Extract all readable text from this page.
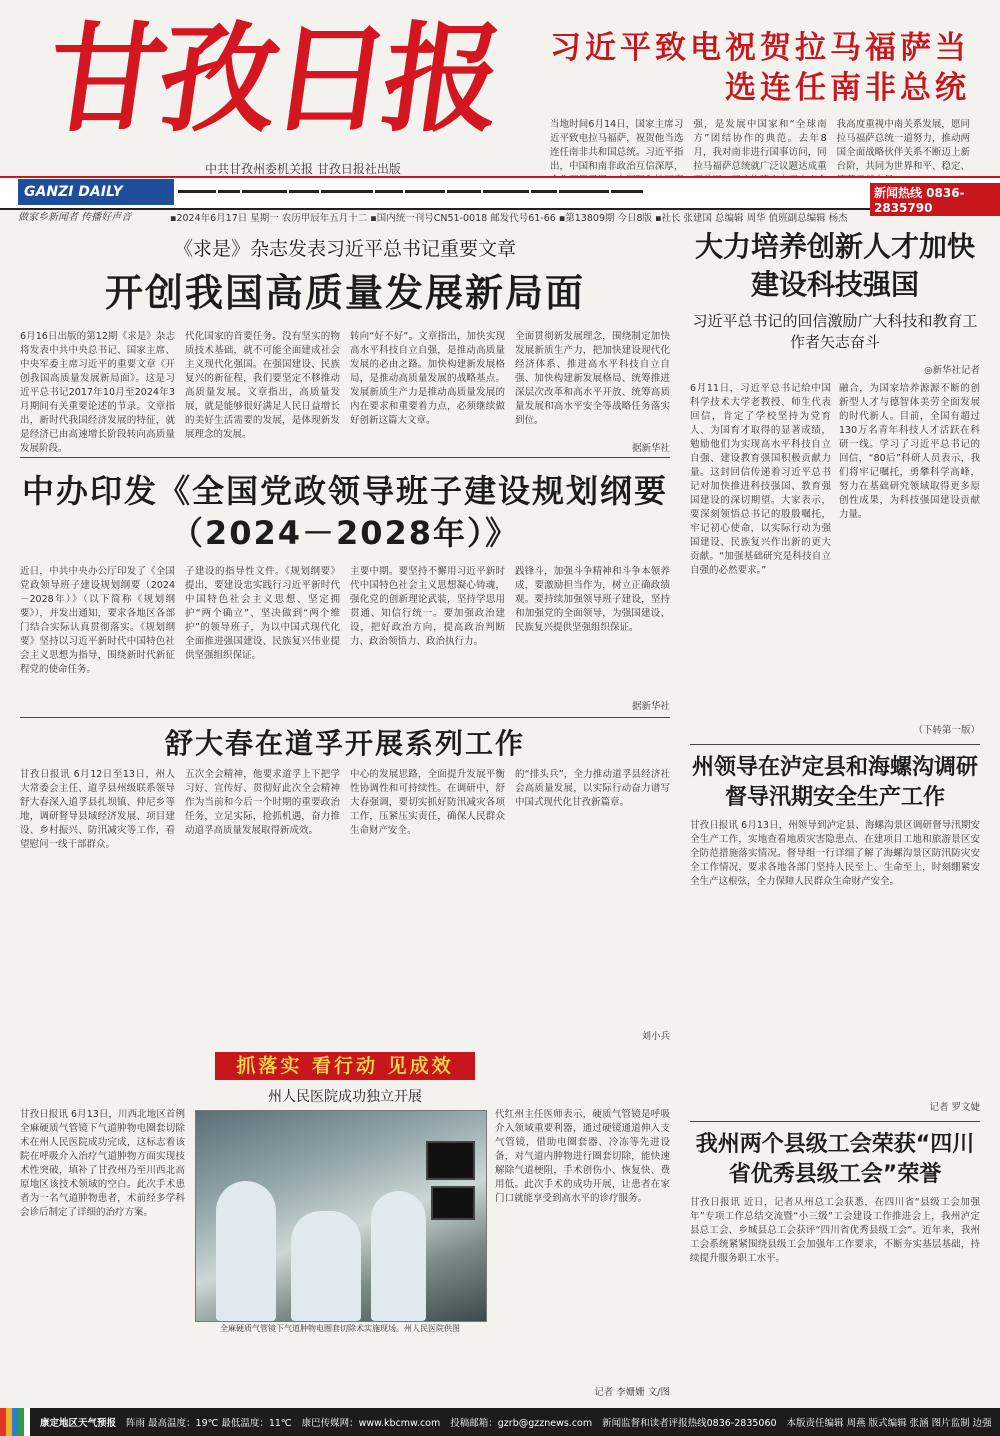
甘孜日报
中共甘孜州委机关报 甘孜日报社出版
习近平致电祝贺拉马福萨当选连任南非总统

当地时间6月14日，国家主席习近平致电拉马福萨，祝贺他当选连任南非共和国总统。习近平指出，中国和南非政治互信深厚，

强，是发展中国家和“全球南方”团结协作的典范。去年8月，我对南非进行国事访问，同拉马福萨总统就广泛议题达成重

我高度重视中南关系发展，愿同拉马福萨总统一道努力，推动两国全面战略伙伴关系不断迈上新台阶，共同为世界和平、稳定、

GANZI DAILY	新闻热线 0836-2835790
做家乡新闻者 传播好声音	▪2024年6月17日 星期一 农历甲辰年五月十二 ▪国内统一刊号CN51-0018 邮发代号61-66 ▪第13809期 今日8版 ▪社长 张建国 总编辑 周华 值班副总编辑 杨杰
《求是》杂志发表习近平总书记重要文章
开创我国高质量发展新局面

6月16日出版的第12期《求是》杂志将发表中共中央总书记、国家主席、中央军委主席习近平的重要文章《开创我国高质量发展新局面》。这是习近平总书记2017年10月至2024年3月期间有关重要论述的节录。文章指出，新时代我国经济发展的特征，就是经济已由高速增长阶段转向高质量发展阶段。

代化国家的首要任务。没有坚实的物质技术基础，就不可能全面建成社会主义现代化强国。在强国建设、民族复兴的新征程，我们要坚定不移推动高质量发展。文章指出，高质量发展，就是能够很好满足人民日益增长的美好生活需要的发展，是体现新发展理念的发展。

转向“好不好”。文章指出，加快实现高水平科技自立自强，是推动高质量发展的必由之路。加快构建新发展格局，是推动高质量发展的战略基点。发展新质生产力是推动高质量发展的内在要求和重要着力点，必须继续做好创新这篇大文章。

全面贯彻新发展理念，围绕制定加快发展新质生产力，把加快建设现代化经济体系、推进高水平科技自立自强、加快构建新发展格局、统筹推进深层次改革和高水平开放、统筹高质量发展和高水平安全等战略任务落实到位。

据新华社
中办印发《全国党政领导班子建设规划纲要（2024－2028年）》

近日，中共中央办公厅印发了《全国党政领导班子建设规划纲要（2024－2028年）》（以下简称《规划纲要》），并发出通知，要求各地区各部门结合实际认真贯彻落实。《规划纲要》坚持以习近平新时代中国特色社会主义思想为指导，围绕新时代新征程党的使命任务。

子建设的指导性文件。《规划纲要》提出，要建设忠实践行习近平新时代中国特色社会主义思想、坚定拥护“两个确立”、坚决做到“两个维护”的领导班子，为以中国式现代化全面推进强国建设、民族复兴伟业提供坚强组织保证。

主要中期。要坚持不懈用习近平新时代中国特色社会主义思想凝心铸魂，强化党的创新理论武装，坚持学思用贯通、知信行统一。要加强政治建设，把好政治方向，提高政治判断力、政治领悟力、政治执行力。

践锋斗，加强斗争精神和斗争本领养成，要激励担当作为，树立正确政绩观。要持续加强领导班子建设，坚持和加强党的全面领导，为强国建设、民族复兴提供坚强组织保证。

据新华社
舒大春在道孚开展系列工作

甘孜日报讯 6月12日至13日，州人大常委会主任、道孚县州级联系领导舒大春深入道孚县扎坝镇、仲尼乡等地，调研督导县域经济发展、项目建设、乡村振兴、防汛减灾等工作，看望慰问一线干部群众。

五次全会精神，他要求道孚上下把学习好、宣传好、贯彻好此次全会精神作为当前和今后一个时期的重要政治任务，立足实际，抢抓机遇，奋力推动道孚高质量发展取得新成效。

中心的发展思路，全面提升发展平衡性协调性和可持续性。在调研中，舒大春强调，要切实抓好防汛减灾各项工作，压紧压实责任，确保人民群众生命财产安全。

的“排头兵”，全力推动道孚县经济社会高质量发展，以实际行动奋力谱写中国式现代化甘孜新篇章。

刘小兵
抓落实 看行动 见成效
州人民医院成功独立开展
甘孜日报讯 6月13日，川西北地区首例全麻硬质气管镜下气道肿物电圈套切除术在州人民医院成功完成，这标志着该院在呼吸介入治疗气道肿物方面实现技术性突破，填补了甘孜州乃至川西北高原地区该技术领域的空白。此次手术患者为一名气道肿物患者，术前经多学科会诊后制定了详细的治疗方案。
全麻硬质气管镜下气道肿物电圈套切除术实施现场。州人民医院供图
代红州主任医师表示，硬质气管镜是呼吸介入领域重要利器，通过硬镜通道伸入支气管镜，借助电圈套器、冷冻等先进设备，对气道内肿物进行圈套切除，能快速解除气道梗阻，手术创伤小、恢复快、费用低。此次手术的成功开展，让患者在家门口就能享受到高水平的诊疗服务。
记者 李姗姗 文/图
大力培养创新人才加快建设科技强国
习近平总书记的回信激励广大科技和教育工作者矢志奋斗
◎新华社记者
6月11日，习近平总书记给中国科学技术大学老教授、师生代表回信，肯定了学校坚持为党育人、为国育才取得的显著成绩，勉励他们为实现高水平科技自立自强、建设教育强国积极贡献力量。这封回信传递着习近平总书记对加快推进科技强国、教育强国建设的深切期望。大家表示，要深刻领悟总书记的殷殷嘱托，牢记初心使命，以实际行动为强国建设、民族复兴作出新的更大贡献。“加强基础研究是科技自立自强的必然要求。”
融合，为国家培养源源不断的创新型人才与德智体美劳全面发展的时代新人。目前，全国有超过130万名青年科技人才活跃在科研一线。学习了习近平总书记的回信，“80后”科研人员表示，我们将牢记嘱托，勇攀科学高峰，努力在基础研究领域取得更多原创性成果，为科技强国建设贡献力量。
（下转第一版）
州领导在泸定县和海螺沟调研督导汛期安全生产工作
甘孜日报讯 6月13日，州领导到泸定县、海螺沟景区调研督导汛期安全生产工作，实地查看地质灾害隐患点、在建项目工地和旅游景区安全防范措施落实情况。督导组一行详细了解了海螺沟景区防汛防灾安全工作情况，要求各地各部门坚持人民至上、生命至上，时刻绷紧安全生产这根弦，全力保障人民群众生命财产安全。
记者 罗文婕
我州两个县级工会荣获“四川省优秀县级工会”荣誉
甘孜日报讯 近日，记者从州总工会获悉，在四川省“县级工会加强年”专项工作总结交流暨“小三级”工会建设工作推进会上，我州泸定县总工会、乡城县总工会获评“四川省优秀县级工会”。近年来，我州工会系统紧紧围绕县级工会加强年工作要求，不断夯实基层基础，持续提升服务职工水平。
康定地区天气预报 阵雨 最高温度：19℃ 最低温度：11℃ 康巴传媒网：www.kbcmw.com 投稿邮箱：gzrb@gzznews.com 新闻监督和读者评报热线0836-2835060 本版责任编辑 周燕 版式编辑 张涵 图片监制 边强
